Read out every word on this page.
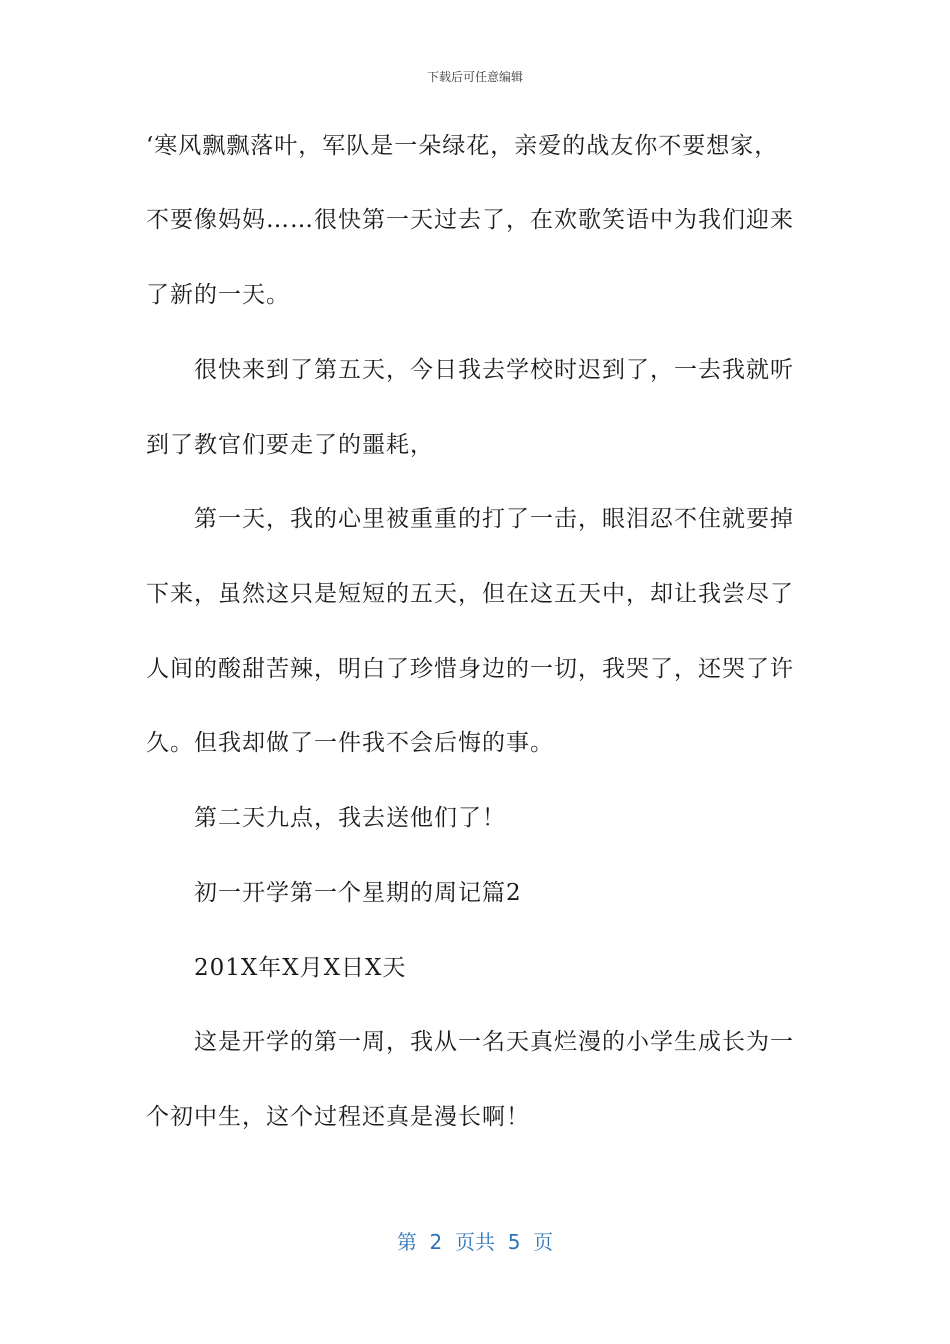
下载后可任意编辑
‘寒风飘飘落叶，军队是一朵绿花，亲爱的战友你不要想家，
不要像妈妈……很快第一天过去了，在欢歌笑语中为我们迎来
了新的一天。
　　很快来到了第五天，今日我去学校时迟到了，一去我就听
到了教官们要走了的噩耗，
　　第一天，我的心里被重重的打了一击，眼泪忍不住就要掉
下来，虽然这只是短短的五天，但在这五天中，却让我尝尽了
人间的酸甜苦辣，明白了珍惜身边的一切，我哭了，还哭了许
久。但我却做了一件我不会后悔的事。
　　第二天九点，我去送他们了！
　　初一开学第一个星期的周记篇2
　　201X年X月X日X天
　　这是开学的第一周，我从一名天真烂漫的小学生成长为一
个初中生，这个过程还真是漫长啊！
第  2  页共  5  页
